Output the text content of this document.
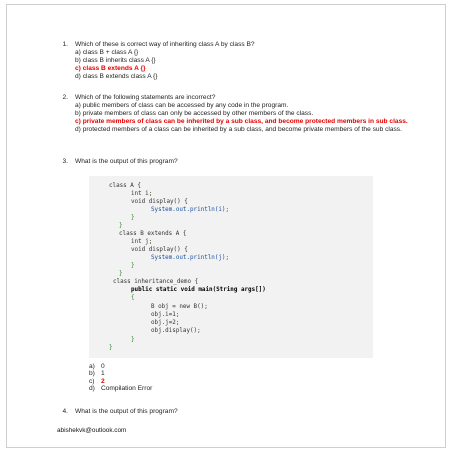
1. Which of these is correct way of inheriting class A by class B?
a) class B + class A {}
b) class B inherits class A {}
c) class B extends A {}
d) class B extends class A {}
2. Which of the following statements are incorrect?
a) public members of class can be accessed by any code in the program.
b) private members of class can only be accessed by other members of the class.
c) private members of class can be inherited by a sub class, and become protected members in sub class.
d) protected members of a class can be inherited by a sub class, and become private members of the sub class.
3. What is the output of this program?
class A {
int i;
void display() {
System.out.println(i);
}
}
class B extends A {
int j;
void display() {
System.out.println(j);
}
}
class inheritance_demo {
public static void main(String args[])
{
B obj = new B();
obj.i=1;
obj.j=2;
obj.display();
}
}
a) 0
b) 1
c) 2
d) Compilation Error
4. What is the output of this program?
abishekvk@outlook.com
